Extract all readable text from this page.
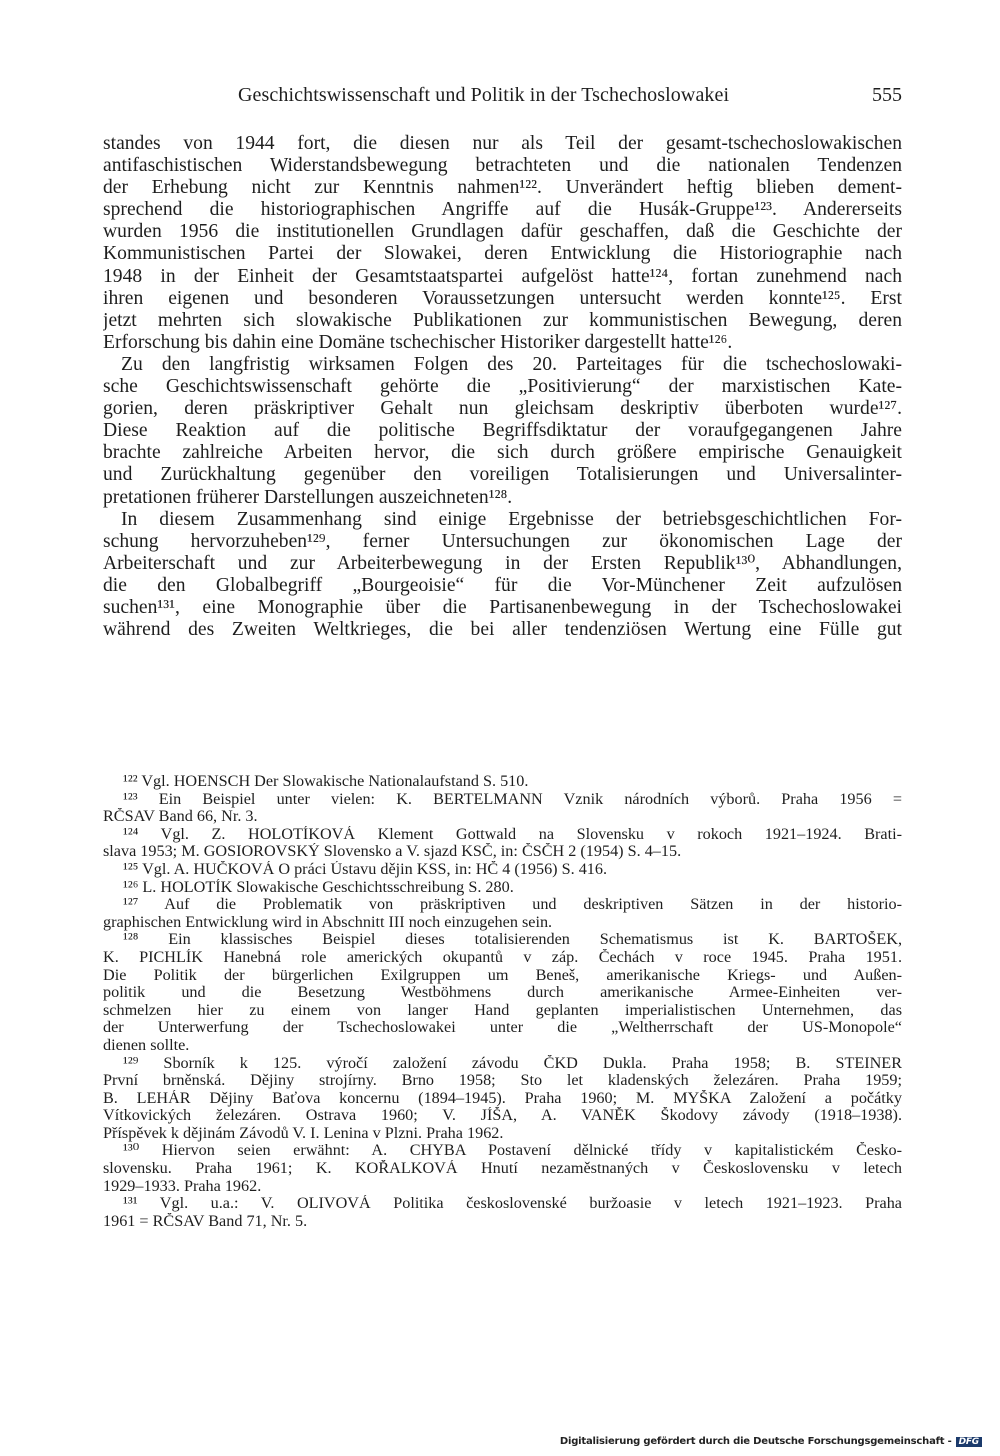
Geschichtswissenschaft und Politik in der Tschechoslowakei	555
standes von 1944 fort, die diesen nur als Teil der gesamt-tschechoslowakischen
antifaschistischen Widerstandsbewegung betrachteten und die nationalen Tendenzen
der Erhebung nicht zur Kenntnis nahmen¹²². Unverändert heftig blieben dement-
sprechend die historiographischen Angriffe auf die Husák-Gruppe¹²³. Andererseits
wurden 1956 die institutionellen Grundlagen dafür geschaffen, daß die Geschichte der
Kommunistischen Partei der Slowakei, deren Entwicklung die Historiographie nach
1948 in der Einheit der Gesamtstaatspartei aufgelöst hatte¹²⁴, fortan zunehmend nach
ihren eigenen und besonderen Voraussetzungen untersucht werden konnte¹²⁵. Erst
jetzt mehrten sich slowakische Publikationen zur kommunistischen Bewegung, deren
Erforschung bis dahin eine Domäne tschechischer Historiker dargestellt hatte¹²⁶.
Zu den langfristig wirksamen Folgen des 20. Parteitages für die tschechoslowaki-
sche Geschichtswissenschaft gehörte die „Positivierung“ der marxistischen Kate-
gorien, deren präskriptiver Gehalt nun gleichsam deskriptiv überboten wurde¹²⁷.
Diese Reaktion auf die politische Begriffsdiktatur der voraufgegangenen Jahre
brachte zahlreiche Arbeiten hervor, die sich durch größere empirische Genauigkeit
und Zurückhaltung gegenüber den voreiligen Totalisierungen und Universalinter-
pretationen früherer Darstellungen auszeichneten¹²⁸.
In diesem Zusammenhang sind einige Ergebnisse der betriebsgeschichtlichen For-
schung hervorzuheben¹²⁹, ferner Untersuchungen zur ökonomischen Lage der
Arbeiterschaft und zur Arbeiterbewegung in der Ersten Republik¹³⁰, Abhandlungen,
die den Globalbegriff „Bourgeoisie“ für die Vor-Münchener Zeit aufzulösen
suchen¹³¹, eine Monographie über die Partisanenbewegung in der Tschechoslowakei
während des Zweiten Weltkrieges, die bei aller tendenziösen Wertung eine Fülle gut
¹²² Vgl. HOENSCH Der Slowakische Nationalaufstand S. 510.
¹²³ Ein Beispiel unter vielen: K. BERTELMANN Vznik národních výborů. Praha 1956 =
RČSAV Band 66, Nr. 3.
¹²⁴ Vgl. Z. HOLOTÍKOVÁ Klement Gottwald na Slovensku v rokoch 1921–1924. Brati-
slava 1953; M. GOSIOROVSKÝ Slovensko a V. sjazd KSČ, in: ČSČH 2 (1954) S. 4–15.
¹²⁵ Vgl. A. HUČKOVÁ O práci Ústavu dějin KSS, in: HČ 4 (1956) S. 416.
¹²⁶ L. HOLOTÍK Slowakische Geschichtsschreibung S. 280.
¹²⁷ Auf die Problematik von präskriptiven und deskriptiven Sätzen in der historio-
graphischen Entwicklung wird in Abschnitt III noch einzugehen sein.
¹²⁸ Ein klassisches Beispiel dieses totalisierenden Schematismus ist K. BARTOŠEK,
K. PICHLÍK Hanebná role amerických okupantů v záp. Čechách v roce 1945. Praha 1951.
Die Politik der bürgerlichen Exilgruppen um Beneš, amerikanische Kriegs- und Außen-
politik und die Besetzung Westböhmens durch amerikanische Armee-Einheiten ver-
schmelzen hier zu einem von langer Hand geplanten imperialistischen Unternehmen, das
der Unterwerfung der Tschechoslowakei unter die „Weltherrschaft der US-Monopole“
dienen sollte.
¹²⁹ Sborník k 125. výročí založení závodu ČKD Dukla. Praha 1958; B. STEINER
První brněnská. Dějiny strojírny. Brno 1958; Sto let kladenských železáren. Praha 1959;
B. LEHÁR Dějiny Baťova koncernu (1894–1945). Praha 1960; M. MYŠKA Založení a počátky
Vítkovických železáren. Ostrava 1960; V. JÍŠA, A. VANĚK Škodovy závody (1918–1938).
Příspěvek k dějinám Závodů V. I. Lenina v Plzni. Praha 1962.
¹³⁰ Hiervon seien erwähnt: A. CHYBA Postavení dělnické třídy v kapitalistickém Česko-
slovensku. Praha 1961; K. KOŘALKOVÁ Hnutí nezaměstnaných v Československu v letech
1929–1933. Praha 1962.
¹³¹ Vgl. u.a.: V. OLIVOVÁ Politika československé buržoasie v letech 1921–1923. Praha
1961 = RČSAV Band 71, Nr. 5.
Digitalisierung gefördert durch die Deutsche Forschungsgemeinschaft - DFG
